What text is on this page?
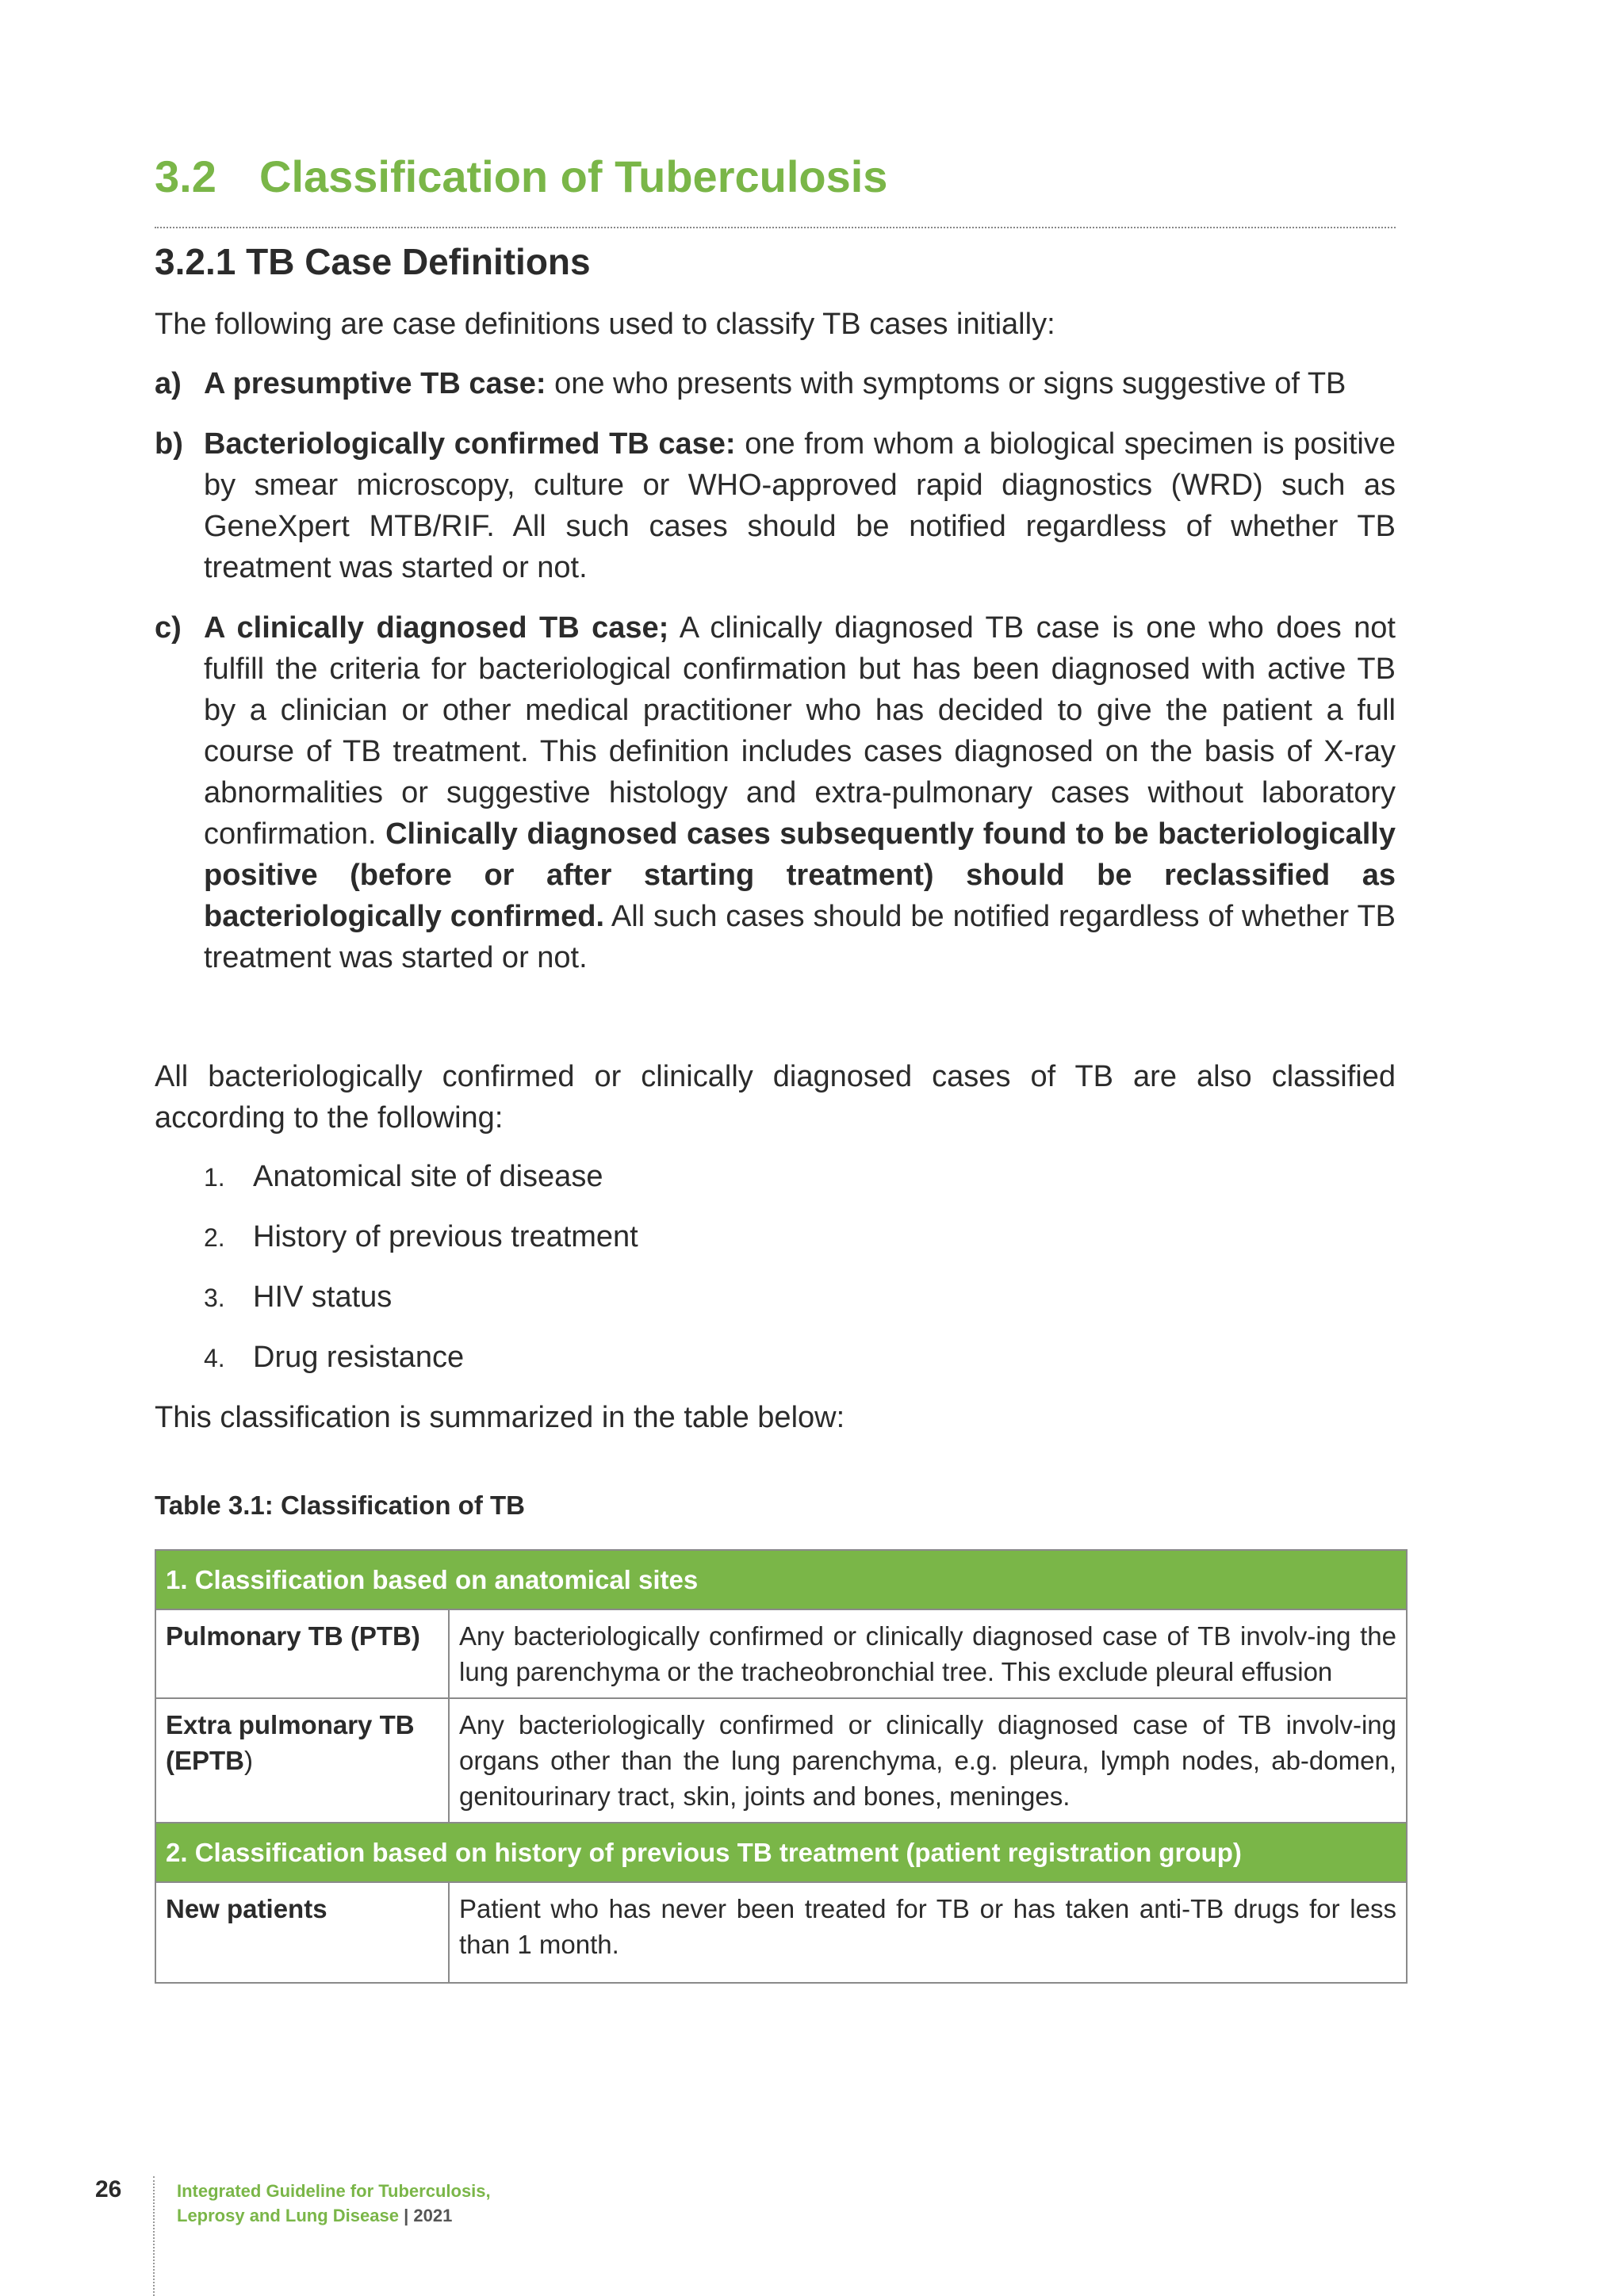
3.2 Classification of Tuberculosis
3.2.1 TB Case Definitions
The following are case definitions used to classify TB cases initially:
a) A presumptive TB case: one who presents with symptoms or signs suggestive of TB
b) Bacteriologically confirmed TB case: one from whom a biological specimen is positive by smear microscopy, culture or WHO-approved rapid diagnostics (WRD) such as GeneXpert MTB/RIF. All such cases should be notified regardless of whether TB treatment was started or not.
c) A clinically diagnosed TB case; A clinically diagnosed TB case is one who does not fulfill the criteria for bacteriological confirmation but has been diagnosed with active TB by a clinician or other medical practitioner who has decided to give the patient a full course of TB treatment. This definition includes cases diagnosed on the basis of X-ray abnormalities or suggestive histology and extra-pulmonary cases without laboratory confirmation. Clinically diagnosed cases subsequently found to be bacteriologically positive (before or after starting treatment) should be reclassified as bacteriologically confirmed. All such cases should be notified regardless of whether TB treatment was started or not.
All bacteriologically confirmed or clinically diagnosed cases of TB are also classified according to the following:
1. Anatomical site of disease
2. History of previous treatment
3. HIV status
4. Drug resistance
This classification is summarized in the table below:
Table 3.1: Classification of TB
1. Classification based on anatomical sites	
Pulmonary TB (PTB)	Any bacteriologically confirmed or clinically diagnosed case of TB involv-ing the lung parenchyma or the tracheobronchial tree. This exclude pleural effusion
Extra pulmonary TB
(EPTB)	Any bacteriologically confirmed or clinically diagnosed case of TB involv-ing organs other than the lung parenchyma, e.g. pleura, lymph nodes, ab-domen, genitourinary tract, skin, joints and bones, meninges.
2. Classification based on history of previous TB treatment (patient registration group)	
New patients	Patient who has never been treated for TB or has taken anti-TB drugs for less than 1 month.
26	Integrated Guideline for Tuberculosis,
Leprosy and Lung Disease | 2021
